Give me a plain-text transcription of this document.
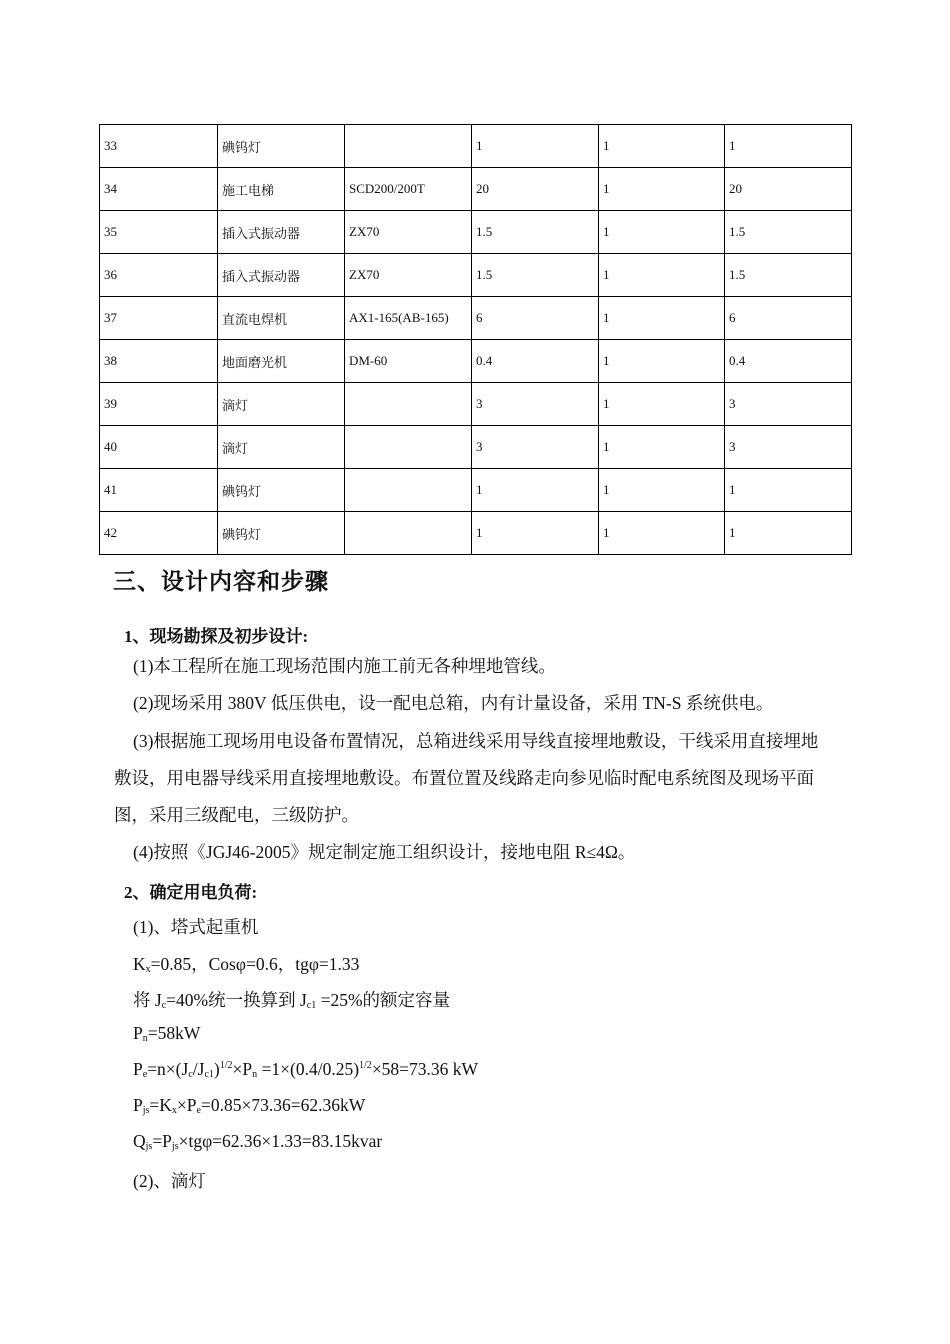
33	碘钨灯		1	1	1
34	施工电梯	SCD200/200T	20	1	20
35	插入式振动器	ZX70	1.5	1	1.5
36	插入式振动器	ZX70	1.5	1	1.5
37	直流电焊机	AX1-165(AB-165)	6	1	6
38	地面磨光机	DM-60	0.4	1	0.4
39	滴灯		3	1	3
40	滴灯		3	1	3
41	碘钨灯		1	1	1
42	碘钨灯		1	1	1
三、设计内容和步骤
1、现场勘探及初步设计:

(1)本工程所在施工现场范围内施工前无各种埋地管线。

(2)现场采用 380V 低压供电，设一配电总箱，内有计量设备，采用 TN-S 系统供电。

(3)根据施工现场用电设备布置情况，总箱进线采用导线直接埋地敷设，干线采用直接埋地敷设，用电器导线采用直接埋地敷设。布置位置及线路走向参见临时配电系统图及现场平面图，采用三级配电，三级防护。

(4)按照《JGJ46-2005》规定制定施工组织设计，接地电阻 R≤4Ω。

2、确定用电负荷:
(1)、塔式起重机
$K_x=0.85$，Cosφ=0.6，tgφ=1.33
将 $J_c=40\%$统一换算到 $J_{c1} =25\%$的额定容量
$P_n=58kW$
$P_e=n\times(J_c/J_{c1})^{1/2}\times P_n =1\times(0.4/0.25)^{1/2}\times 58=73.36$ kW
$P_{js}=K_x\times P_e=0.85\times 73.36=62.36kW$
$Q_{js}=P_{js}\times tg\varphi=62.36\times 1.33=83.15kvar$
(2)、滴灯
